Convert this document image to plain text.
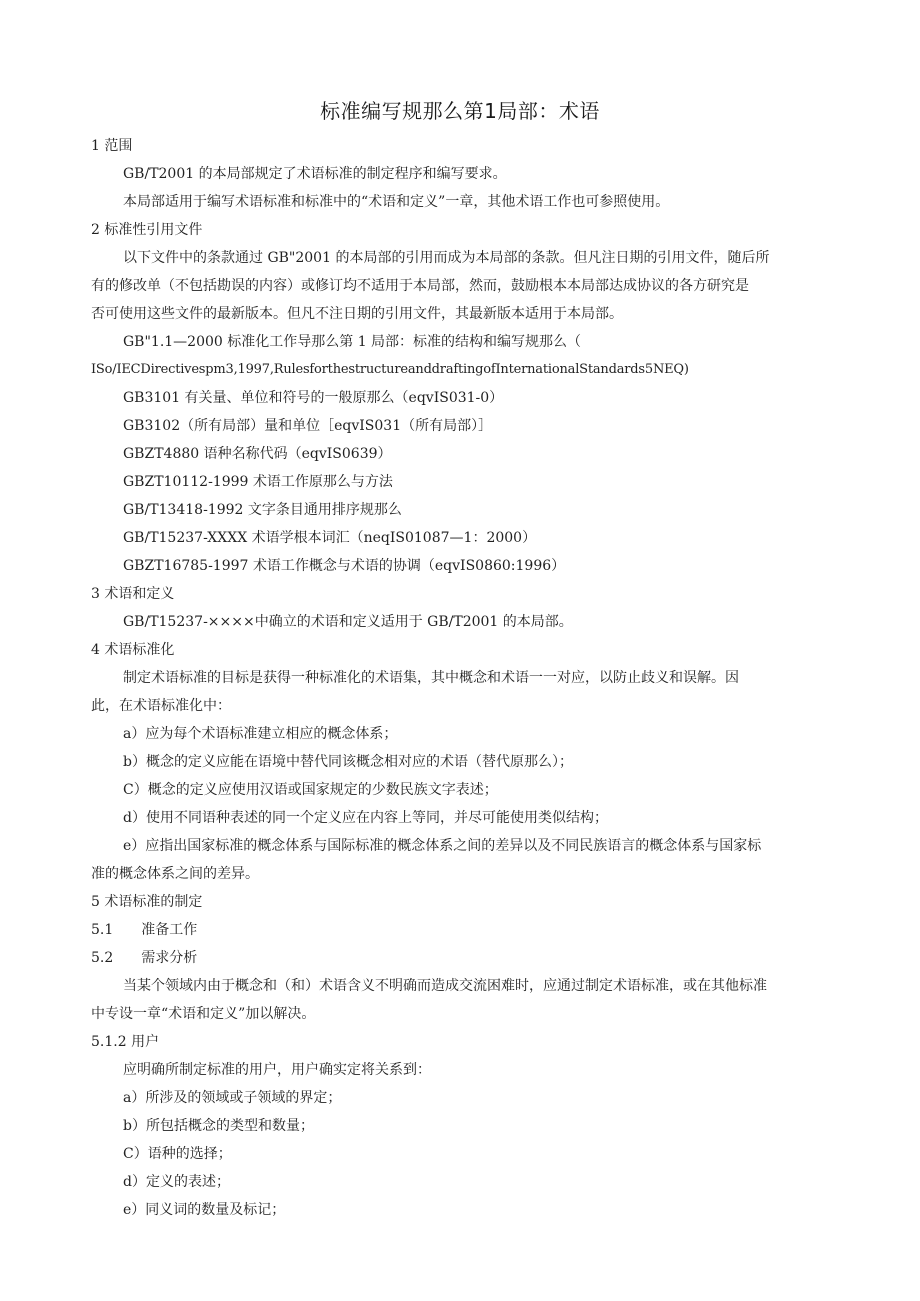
标准编写规那么第1局部：术语
1 范围
GB/T2001 的本局部规定了术语标准的制定程序和编写要求。
本局部适用于编写术语标准和标准中的“术语和定义”一章，其他术语工作也可参照使用。
2 标准性引用文件
以下文件中的条款通过 GB"2001 的本局部的引用而成为本局部的条款。但凡注日期的引用文件，随后所
有的修改单（不包括勘误的内容）或修订均不适用于本局部，然而，鼓励根本本局部达成协议的各方研究是
否可使用这些文件的最新版本。但凡不注日期的引用文件，其最新版本适用于本局部。
GB"1.1—2000 标准化工作导那么第 1 局部：标准的结构和编写规那么（
ISo/IECDirectivespm3,1997,RulesforthestructureanddraftingofInternationalStandards5NEQ)
GB3101 有关量、单位和符号的一般原那么（eqvIS031-0）
GB3102（所有局部）量和单位［eqvIS031（所有局部）］
GBZT4880 语种名称代码（eqvIS0639）
GBZT10112-1999 术语工作原那么与方法
GB/T13418-1992 文字条目通用排序规那么
GB/T15237-XXXX 术语学根本词汇（neqIS01087—1：2000）
GBZT16785-1997 术语工作概念与术语的协调（eqvIS0860:1996）
3 术语和定义
GB/T15237-××××中确立的术语和定义适用于 GB/T2001 的本局部。
4 术语标准化
制定术语标准的目标是获得一种标准化的术语集，其中概念和术语一一对应，以防止歧义和误解。因
此，在术语标准化中：
a）应为每个术语标准建立相应的概念体系；
b）概念的定义应能在语境中替代同该概念相对应的术语（替代原那么）；
C）概念的定义应使用汉语或国家规定的少数民族文字表述；
d）使用不同语种表述的同一个定义应在内容上等同，并尽可能使用类似结构；
e）应指出国家标准的概念体系与国际标准的概念体系之间的差异以及不同民族语言的概念体系与国家标
准的概念体系之间的差异。
5 术语标准的制定
5.1　　准备工作
5.2　　需求分析
当某个领域内由于概念和（和）术语含义不明确而造成交流困难时，应通过制定术语标准，或在其他标准
中专设一章“术语和定义”加以解决。
5.1.2 用户
应明确所制定标准的用户，用户确实定将关系到：
a）所涉及的领域或子领域的界定；
b）所包括概念的类型和数量；
C）语种的选择；
d）定义的表述；
e）同义词的数量及标记；
